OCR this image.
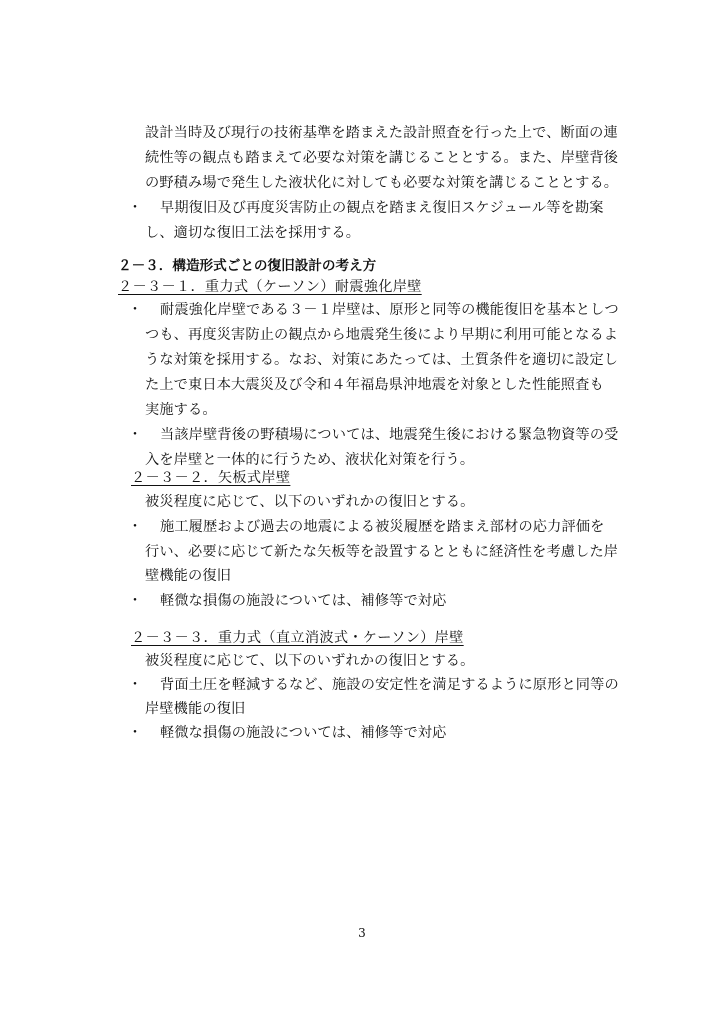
設計当時及び現行の技術基準を踏まえた設計照査を行った上で、断面の連
続性等の観点も踏まえて必要な対策を講じることとする。また、岸壁背後
の野積み場で発生した液状化に対しても必要な対策を講じることとする。
・ 早期復旧及び再度災害防止の観点を踏まえ復旧スケジュール等を勘案
し、適切な復旧工法を採用する。
２－３．構造形式ごとの復旧設計の考え方
２－３－１．重力式（ケーソン）耐震強化岸壁
・ 耐震強化岸壁である３－１岸壁は、原形と同等の機能復旧を基本としつ
つも、再度災害防止の観点から地震発生後により早期に利用可能となるよ
うな対策を採用する。なお、対策にあたっては、土質条件を適切に設定し
た上で東日本大震災及び令和４年福島県沖地震を対象とした性能照査も
実施する。
・ 当該岸壁背後の野積場については、地震発生後における緊急物資等の受
入を岸壁と一体的に行うため、液状化対策を行う。
２－３－２．矢板式岸壁
被災程度に応じて、以下のいずれかの復旧とする。
・ 施工履歴および過去の地震による被災履歴を踏まえ部材の応力評価を
行い、必要に応じて新たな矢板等を設置するとともに経済性を考慮した岸
壁機能の復旧
・ 軽微な損傷の施設については、補修等で対応
２－３－３．重力式（直立消波式・ケーソン）岸壁
被災程度に応じて、以下のいずれかの復旧とする。
・ 背面土圧を軽減するなど、施設の安定性を満足するように原形と同等の
岸壁機能の復旧
・ 軽微な損傷の施設については、補修等で対応
3
